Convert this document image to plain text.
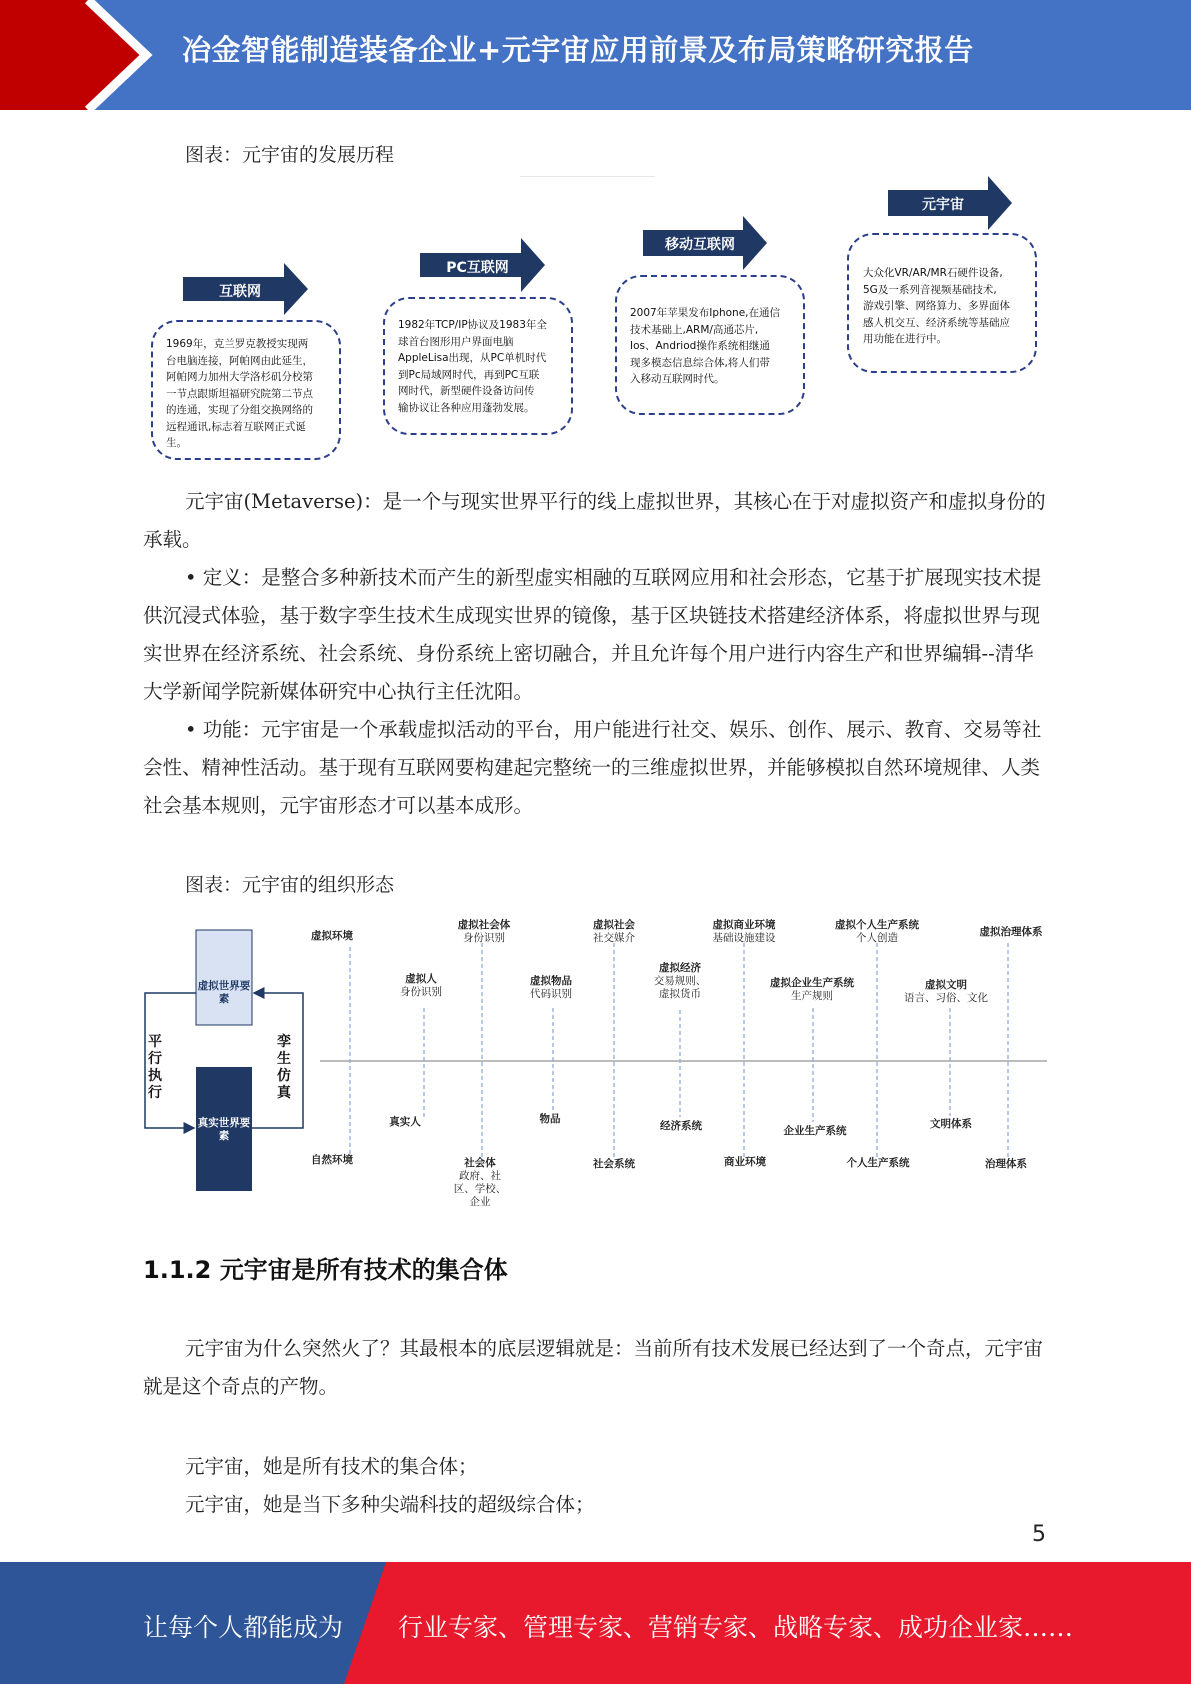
冶金智能制造装备企业+元宇宙应用前景及布局策略研究报告
图表：元宇宙的发展历程
互联网
PC互联网
移动互联网
元宇宙
1969年，克兰罗克教授实现两
台电脑连接，阿帕网由此延生，
阿帕网力加州大学洛杉矶分校第
一节点跟斯坦福研究院第二节点
的连通，实现了分组交换网络的
远程通讯,标志着互联网正式诞
生。
1982年TCP/IP协议及1983年全
球首台图形用户界面电脑
AppleLisa出现，从PC单机时代
到Pc局域网时代，再到PC互联
网时代，新型硬件设备访问传
输协议让各种应用蓬勃发展。
2007年苹果发布Iphone,在通信
技术基础上,ARM/高通芯片,
Ios、Andriod操作系统相继通
现多模态信息综合体,将人们带
入移动互联网时代。
大众化VR/AR/MR石硬件设备,
5G及一系列音视频基础技术,
游戏引擎、网络算力、多界面体
感人机交互、经济系统等基础应
用功能在进行中。

元宇宙(Metaverse)：是一个与现实世界平行的线上虚拟世界，其核心在于对虚拟资产和虚拟身份的承载。

• 定义：是整合多种新技术而产生的新型虚实相融的互联网应用和社会形态，它基于扩展现实技术提供沉浸式体验，基于数字孪生技术生成现实世界的镜像，基于区块链技术搭建经济体系，将虚拟世界与现实世界在经济系统、社会系统、身份系统上密切融合，并且允许每个用户进行内容生产和世界编辑--清华大学新闻学院新媒体研究中心执行主任沈阳。

• 功能：元宇宙是一个承载虚拟活动的平台，用户能进行社交、娱乐、创作、展示、教育、交易等社会性、精神性活动。基于现有互联网要构建起完整统一的三维虚拟世界，并能够模拟自然环境规律、人类社会基本规则，元宇宙形态才可以基本成形。

图表：元宇宙的组织形态
虚拟世界要素
真实世界要素
平行执行
孪生仿真
虚拟环境
虚拟人
身份识别
虚拟社会体
身份识别
虚拟物品
代码识别
虚拟社会
社交媒介
虚拟经济
交易规则、虚拟货币
虚拟商业环境
基础设施建设
虚拟企业生产系统
生产规则
虚拟个人生产系统
个人创造
虚拟文明
语言、习俗、文化
虚拟治理体系
自然环境
真实人
社会体
政府、社区、学校、企业
物品
社会系统
经济系统
商业环境
企业生产系统
个人生产系统
文明体系
治理体系
1.1.2 元宇宙是所有技术的集合体

元宇宙为什么突然火了？其最根本的底层逻辑就是：当前所有技术发展已经达到了一个奇点，元宇宙就是这个奇点的产物。

元宇宙，她是所有技术的集合体；
元宇宙，她是当下多种尖端科技的超级综合体；
5
让每个人都能成为 行业专家、管理专家、营销专家、战略专家、成功企业家……
